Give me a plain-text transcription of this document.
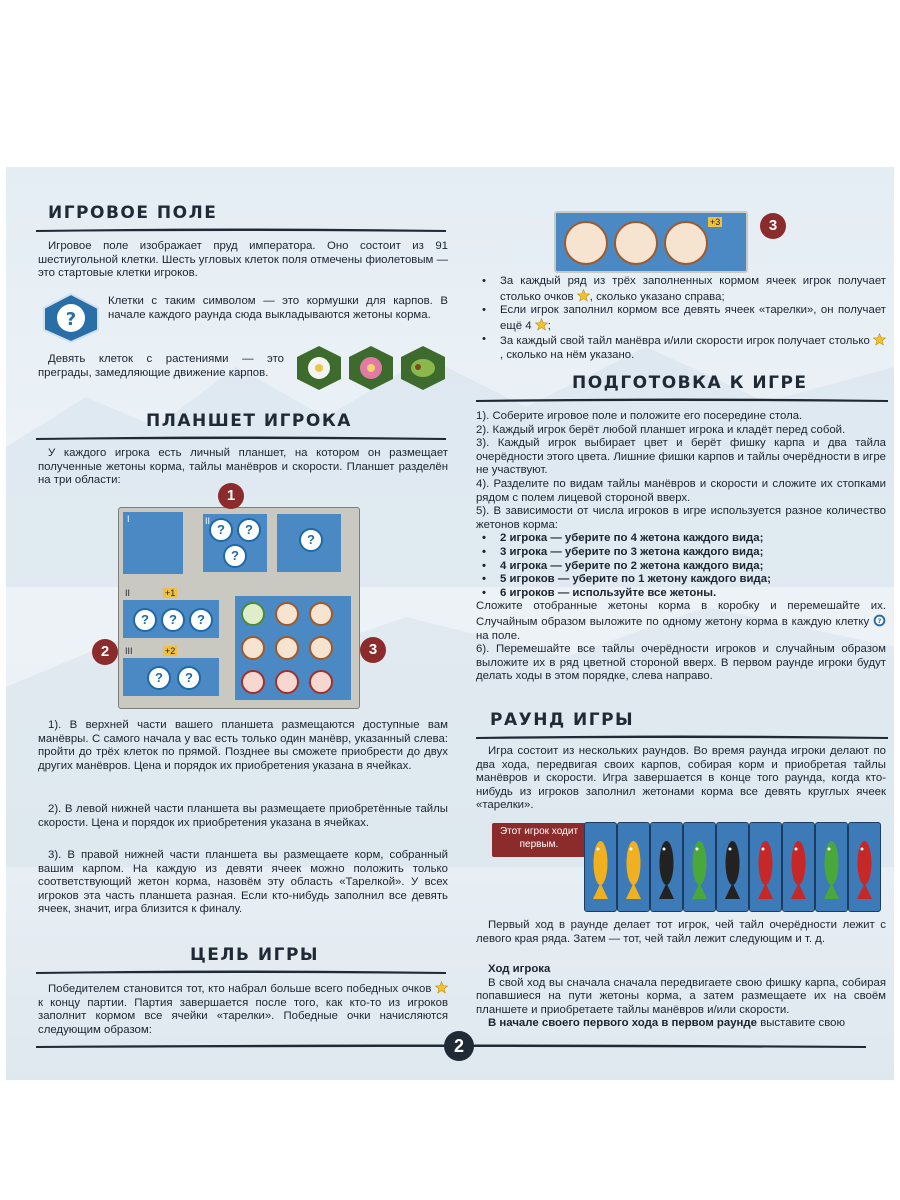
ИГРОВОЕ ПОЛЕ

Игровое поле изображает пруд императора. Оно состоит из 91 шестиугольной клетки. Шесть угловых клеток поля отмечены фиолетовым — это стартовые клетки игроков.

?

Клетки с таким символом — это кормушки для карпов. В начале каждого раунда сюда выкладываются жетоны корма.

Девять клеток с растениями — это преграды, замедляющие движение карпов.

ПЛАНШЕТ ИГРОКА

У каждого игрока есть личный планшет, на котором он размещает полученные жетоны корма, тайлы манёвров и скорости. Планшет разделён на три области:

I
?	?
?
II
?
?	?	?
+1
II
?	?
+2
III
1
2	3

1). В верхней части вашего планшета размещаются доступные вам манёвры. С самого начала у вас есть только один манёвр, указанный слева: пройти до трёх клеток по прямой. Позднее вы сможете приобрести до двух других манёвров. Цена и порядок их приобретения указана в ячейках.

2). В левой нижней части планшета вы размещаете приобретённые тайлы скорости. Цена и порядок их приобретения указана в ячейках.

3). В правой нижней части планшета вы размещаете корм, собранный вашим карпом. На каждую из девяти ячеек можно положить только соответствующий жетон корма, назовём эту область «Тарелкой». У всех игроков эта часть планшета разная. Если кто-нибудь заполнил все девять ячеек, значит, игра близится к финалу.

ЦЕЛЬ ИГРЫ

Победителем становится тот, кто набрал больше всего победных очков  к концу партии. Партия завершается после того, как кто-то из игроков заполнит кормом все ячейки «тарелки». Победные очки начисляются следующим образом:

+3	3
• За каждый ряд из трёх заполненных кормом ячеек игрок получает столько очков , сколько указано справа;
• Если игрок заполнил кормом все девять ячеек «тарелки», он получает ещё 4 ;
• За каждый свой тайл манёвра и/или скорости игрок получает столько , сколько на нём указано.
ПОДГОТОВКА К ИГРЕ

1). Соберите игровое поле и положите его посередине стола.

2). Каждый игрок берёт любой планшет игрока и кладёт перед собой.

3). Каждый игрок выбирает цвет и берёт фишку карпа и два тайла очерёдности этого цвета. Лишние фишки карпов и тайлы очерёдности в игре не участвуют.

4). Разделите по видам тайлы манёвров и скорости и сложите их стопками рядом с полем лицевой стороной вверх.

5). В зависимости от числа игроков в игре используется разное количество жетонов корма:

• 2 игрока — уберите по 4 жетона каждого вида;
• 3 игрока — уберите по 3 жетона каждого вида;
• 4 игрока — уберите по 2 жетона каждого вида;
• 5 игроков — уберите по 1 жетону каждого вида;
• 6 игроков — используйте все жетоны.

Сложите отобранные жетоны корма в коробку и перемешайте их. Случайным образом выложите по одному жетону корма в каждую клетку ?
на поле.

6). Перемешайте все тайлы очерёдности игроков и случайным образом выложите их в ряд цветной стороной вверх. В первом раунде игроки будут делать ходы в этом порядке, слева направо.

РАУНД ИГРЫ

Игра состоит из нескольких раундов. Во время раунда игроки делают по два хода, передвигая своих карпов, собирая корм и приобретая тайлы манёвров и скорости. Игра завершается в конце того раунда, когда кто-нибудь из игроков заполнил жетонами корма все девять круглых ячеек «тарелки».

Этот игрок ходит первым.

Первый ход в раунде делает тот игрок, чей тайл очерёдности лежит с левого края ряда. Затем — тот, чей тайл лежит следующим и т. д.

Ход игрока

В свой ход вы сначала сначала передвигаете свою фишку карпа, собирая попавшиеся на пути жетоны корма, а затем размещаете их на своём планшете и приобретаете тайлы манёвров и/или скорости.

В начале своего первого хода в первом раунде выставите свою

2
